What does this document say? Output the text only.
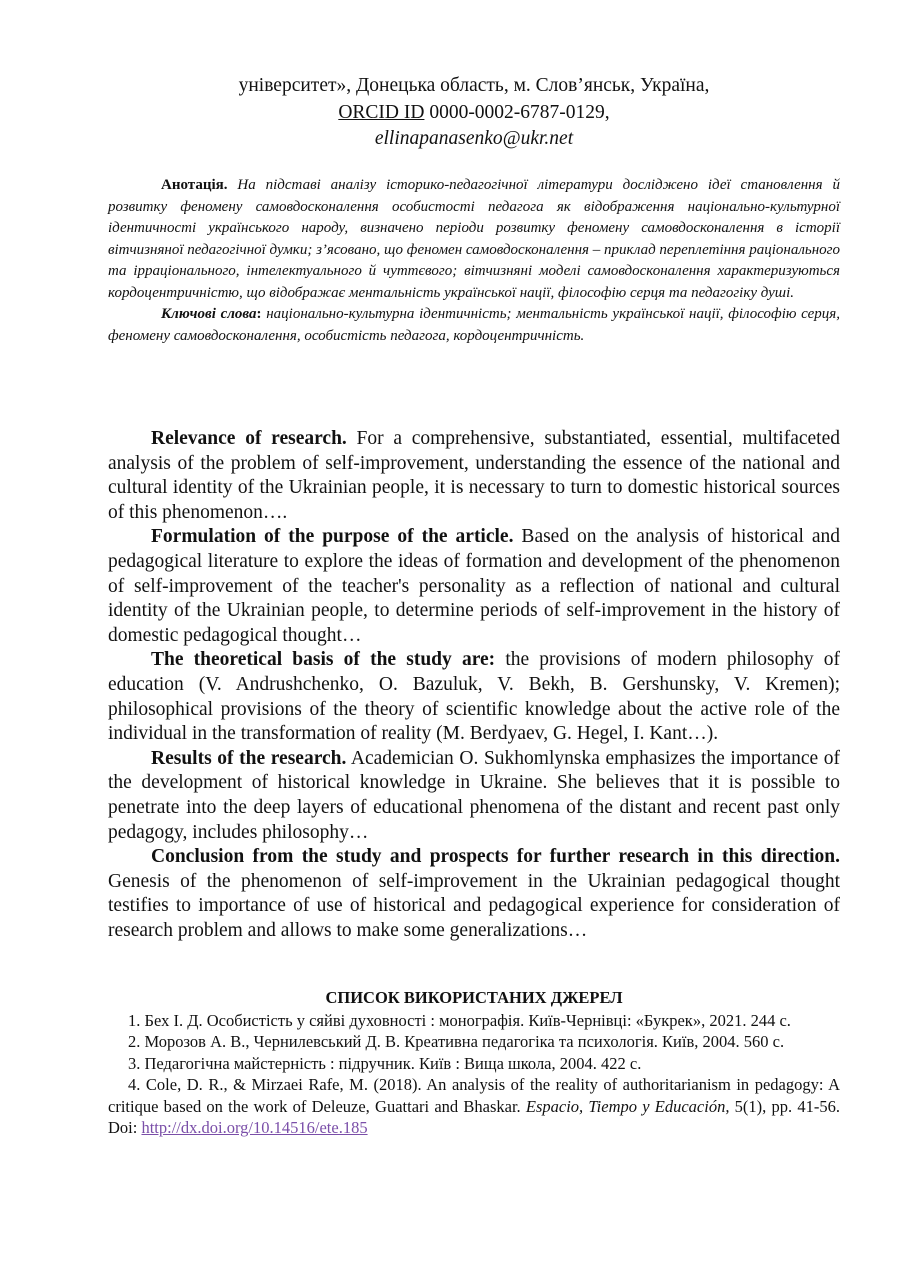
університет», Донецька область, м. Слов’янськ, Україна,
ORCID ID 0000-0002-6787-0129,
ellinapanasenko@ukr.net

Анотація. На підставі аналізу історико-педагогічної літератури досліджено ідеї становлення й розвитку феномену самовдосконалення особистості педагога як відображення національно-культурної ідентичності українського народу, визначено періоди розвитку феномену самовдосконалення в історії вітчизняної педагогічної думки; з’ясовано, що феномен самовдосконалення – приклад переплетіння раціонального та ірраціонального, інтелектуального й чуттєвого; вітчизняні моделі самовдосконалення характеризуються кордоцентричністю, що відображає ментальність української нації, філософію серця та педагогіку душі.

Ключові слова: національно-культурна ідентичність; ментальність української нації, філософію серця, феномену самовдосконалення, особистість педагога, кордоцентричність.

Relevance of research. For a comprehensive, substantiated, essential, multifaceted analysis of the problem of self-improvement, understanding the essence of the national and cultural identity of the Ukrainian people, it is necessary to turn to domestic historical sources of this phenomenon….

Formulation of the purpose of the article. Based on the analysis of historical and pedagogical literature to explore the ideas of formation and development of the phenomenon of self-improvement of the teacher's personality as a reflection of national and cultural identity of the Ukrainian people, to determine periods of self-improvement in the history of domestic pedagogical thought…

The theoretical basis of the study are: the provisions of modern philosophy of education (V. Andrushchenko, O. Bazuluk, V. Bekh, B. Gershunsky, V. Kremen); philosophical provisions of the theory of scientific knowledge about the active role of the individual in the transformation of reality (M. Berdyaev, G. Hegel, I. Kant…).

Results of the research. Academician O. Sukhomlynska emphasizes the importance of the development of historical knowledge in Ukraine. She believes that it is possible to penetrate into the deep layers of educational phenomena of the distant and recent past only pedagogy, includes philosophy…

Conclusion from the study and prospects for further research in this direction. Genesis of the phenomenon of self-improvement in the Ukrainian pedagogical thought testifies to importance of use of historical and pedagogical experience for consideration of research problem and allows to make some generalizations…

СПИСОК ВИКОРИСТАНИХ ДЖЕРЕЛ

1. Бех І. Д. Особистість у сяйві духовності : монографія. Київ-Чернівці: «Букрек», 2021. 244 с.

2. Морозов А. В., Чернилевський Д. В. Креативна педагогіка та психологія. Київ, 2004. 560 с.

3. Педагогічна майстерність : підручник. Київ : Вища школа, 2004. 422 с.

4. Cole, D. R., & Mirzaei Rafe, M. (2018). An analysis of the reality of authoritarianism in pedagogy: A critique based on the work of Deleuze, Guattari and Bhaskar. Espacio, Tiempo y Educación, 5(1), pp. 41-56. Doi: http://dx.doi.org/10.14516/ete.185
